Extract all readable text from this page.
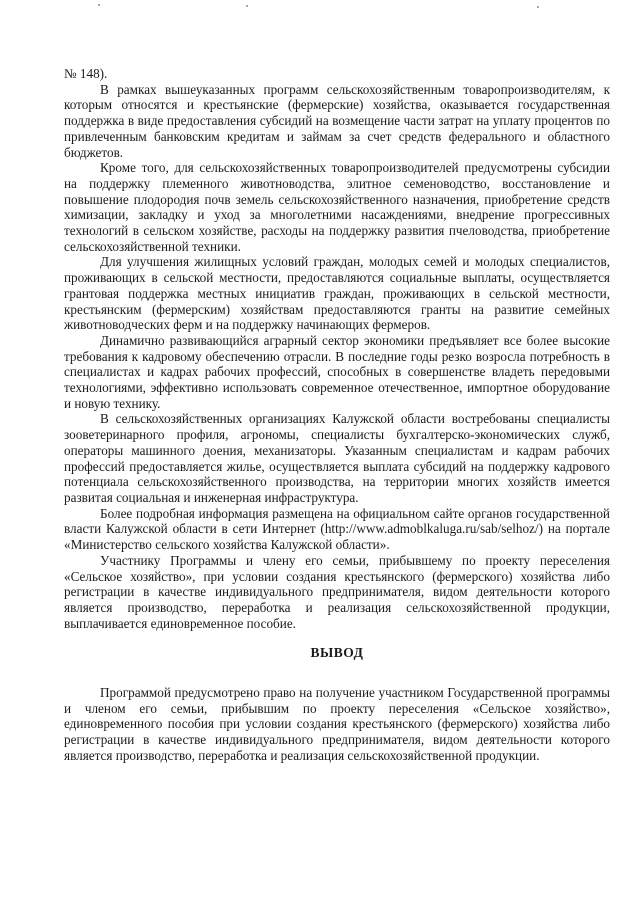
№ 148).

В рамках вышеуказанных программ сельскохозяйственным товаропроизводителям, к которым относятся и крестьянские (фермерские) хозяйства, оказывается государственная поддержка в виде предоставления субсидий на возмещение части затрат на уплату процентов по привлеченным банковским кредитам и займам за счет средств федерального и областного бюджетов.

Кроме того, для сельскохозяйственных товаропроизводителей предусмотрены субсидии на поддержку племенного животноводства, элитное семеноводство, восстановление и повышение плодородия почв земель сельскохозяйственного назначения, приобретение средств химизации, закладку и уход за многолетними насаждениями, внедрение прогрессивных технологий в сельском хозяйстве, расходы на поддержку развития пчеловодства, приобретение сельскохозяйственной техники.

Для улучшения жилищных условий граждан, молодых семей и молодых специалистов, проживающих в сельской местности, предоставляются социальные выплаты, осуществляется грантовая поддержка местных инициатив граждан, проживающих в сельской местности, крестьянским (фермерским) хозяйствам предоставляются гранты на развитие семейных животноводческих ферм и на поддержку начинающих фермеров.

Динамично развивающийся аграрный сектор экономики предъявляет все более высокие требования к кадровому обеспечению отрасли. В последние годы резко возросла потребность в специалистах и кадрах рабочих профессий, способных в совершенстве владеть передовыми технологиями, эффективно использовать современное отечественное, импортное оборудование и новую технику.

В сельскохозяйственных организациях Калужской области востребованы специалисты зооветеринарного профиля, агрономы, специалисты бухгалтерско-экономических служб, операторы машинного доения, механизаторы. Указанным специалистам и кадрам рабочих профессий предоставляется жилье, осуществляется выплата субсидий на поддержку кадрового потенциала сельскохозяйственного производства, на территории многих хозяйств имеется развитая социальная и инженерная инфраструктура.

Более подробная информация размещена на официальном сайте органов государственной власти Калужской области в сети Интернет (http://www.admoblkaluga.ru/sab/selhoz/) на портале «Министерство сельского хозяйства Калужской области».

Участнику Программы и члену его семьи, прибывшему по проекту переселения «Сельское хозяйство», при условии создания крестьянского (фермерского) хозяйства либо регистрации в качестве индивидуального предпринимателя, видом деятельности которого является производство, переработка и реализация сельскохозяйственной продукции, выплачивается единовременное пособие.

ВЫВОД

Программой предусмотрено право на получение участником Государственной программы и членом его семьи, прибывшим по проекту переселения «Сельское хозяйство», единовременного пособия при условии создания крестьянского (фермерского) хозяйства либо регистрации в качестве индивидуального предпринимателя, видом деятельности которого является производство, переработка и реализация сельскохозяйственной продукции.
